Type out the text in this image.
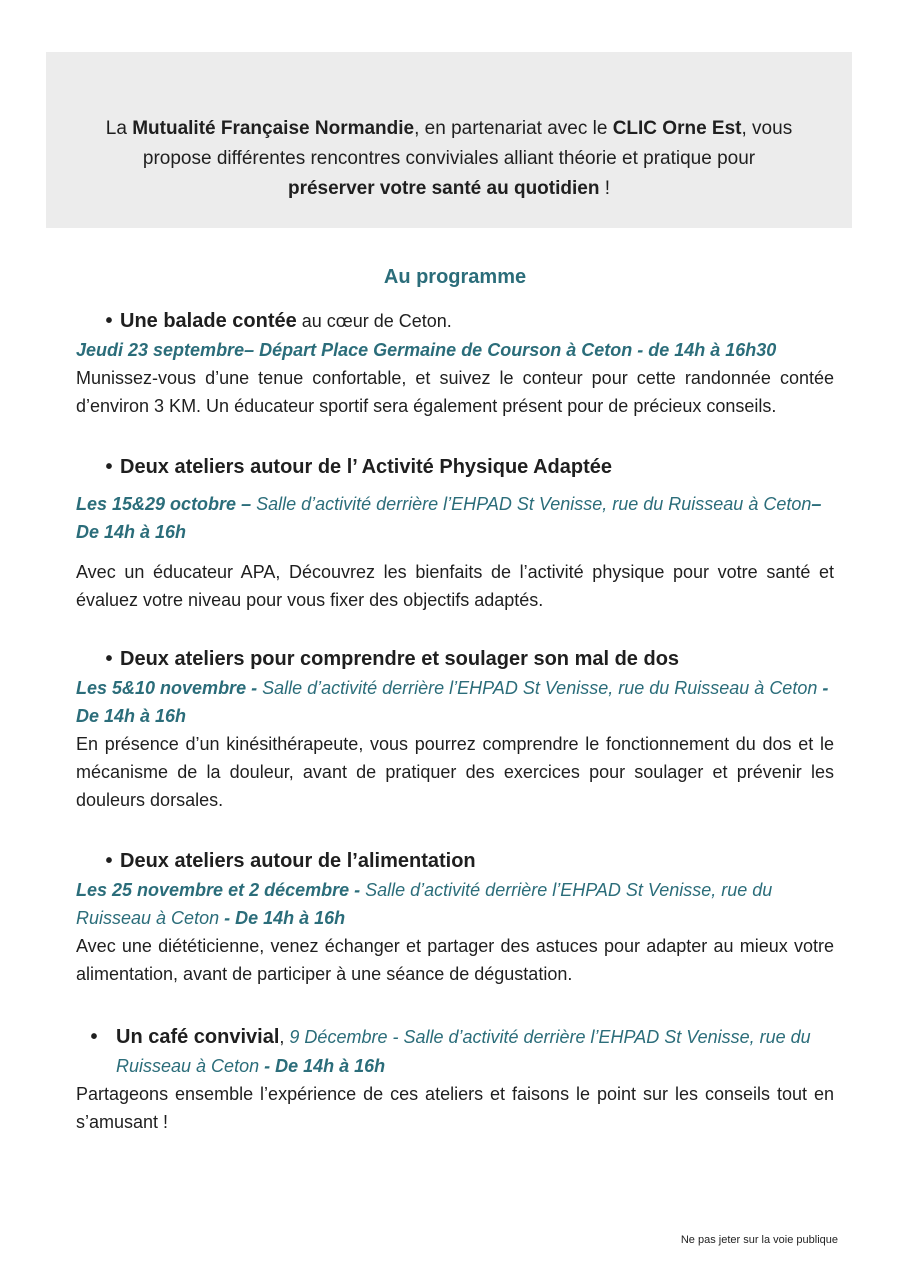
La Mutualité Française Normandie, en partenariat avec le CLIC Orne Est, vous
propose différentes rencontres conviviales alliant théorie et pratique pour
préserver votre santé au quotidien !
Au programme
• Une balade contée au cœur de Ceton.
Jeudi 23 septembre– Départ Place Germaine de Courson à Ceton - de 14h à 16h30
Munissez-vous d’une tenue confortable, et suivez le conteur pour cette randonnée contée d’environ 3 KM. Un éducateur sportif sera également présent pour de précieux conseils.
• Deux ateliers autour de l’ Activité Physique Adaptée
Les 15&29 octobre – Salle d’activité derrière l’EHPAD St Venisse, rue du Ruisseau à Ceton– De 14h à 16h
Avec un éducateur APA, Découvrez les bienfaits de l’activité physique pour votre santé et évaluez votre niveau pour vous fixer des objectifs adaptés.
• Deux ateliers pour comprendre et soulager son mal de dos
Les 5&10 novembre - Salle d’activité derrière l’EHPAD St Venisse, rue du Ruisseau à Ceton - De 14h à 16h
En présence d’un kinésithérapeute, vous pourrez comprendre le fonctionnement du dos et le mécanisme de la douleur, avant de pratiquer des exercices pour soulager et prévenir les douleurs dorsales.
• Deux ateliers autour de l’alimentation
Les 25 novembre et 2 décembre - Salle d’activité derrière l’EHPAD St Venisse, rue du Ruisseau à Ceton - De 14h à 16h
Avec une diététicienne, venez échanger et partager des astuces pour adapter au mieux votre alimentation, avant de participer à une séance de dégustation.
• Un café convivial, 9 Décembre - Salle d’activité derrière l’EHPAD St Venisse, rue du Ruisseau à Ceton - De 14h à 16h
Partageons ensemble l’expérience de ces ateliers et faisons le point sur les conseils tout en s’amusant !
Ne pas jeter sur la voie publique
